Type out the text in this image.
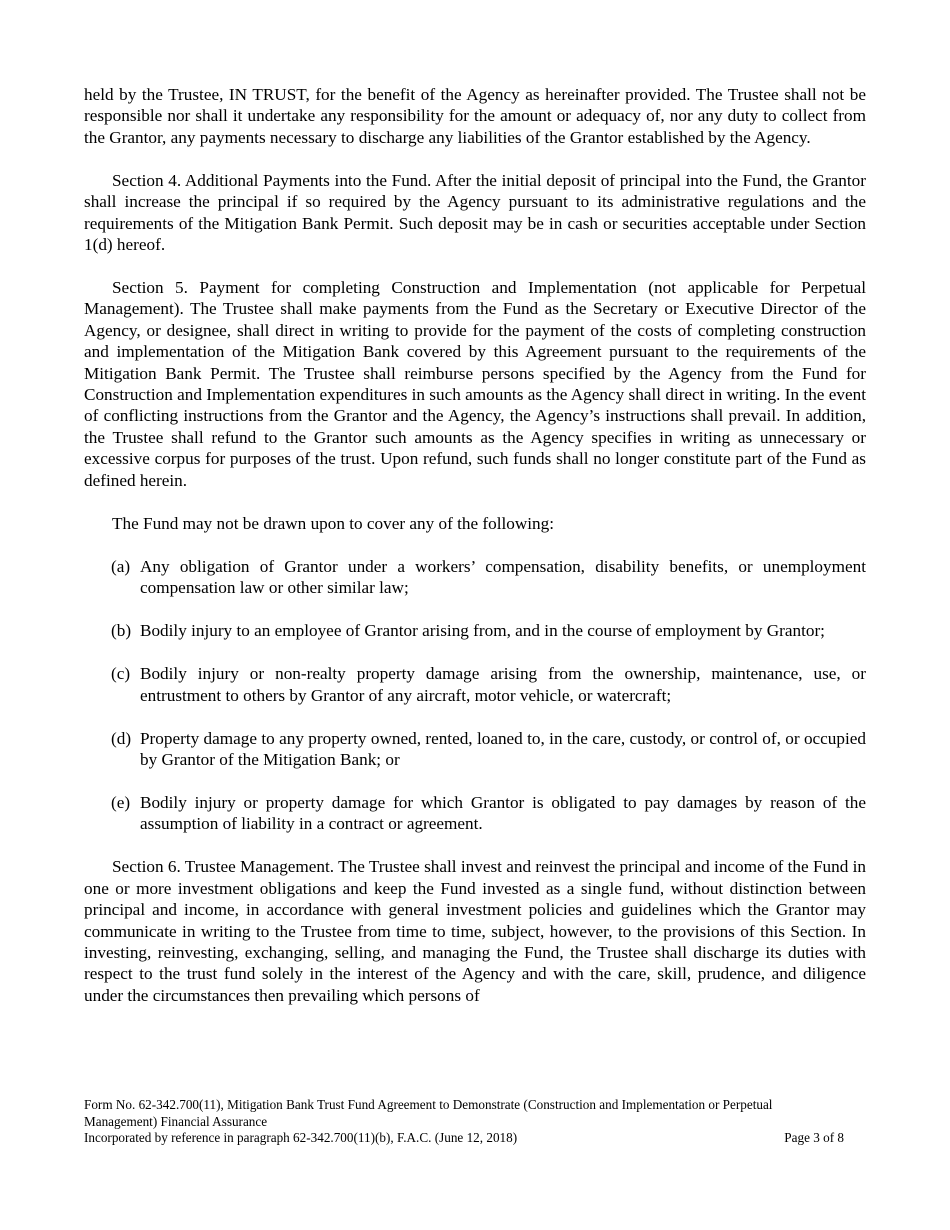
held by the Trustee, IN TRUST, for the benefit of the Agency as hereinafter provided. The Trustee shall not be responsible nor shall it undertake any responsibility for the amount or adequacy of, nor any duty to collect from the Grantor, any payments necessary to discharge any liabilities of the Grantor established by the Agency.

Section 4. Additional Payments into the Fund. After the initial deposit of principal into the Fund, the Grantor shall increase the principal if so required by the Agency pursuant to its administrative regulations and the requirements of the Mitigation Bank Permit. Such deposit may be in cash or securities acceptable under Section 1(d) hereof.

Section 5. Payment for completing Construction and Implementation (not applicable for Perpetual Management). The Trustee shall make payments from the Fund as the Secretary or Executive Director of the Agency, or designee, shall direct in writing to provide for the payment of the costs of completing construction and implementation of the Mitigation Bank covered by this Agreement pursuant to the requirements of the Mitigation Bank Permit. The Trustee shall reimburse persons specified by the Agency from the Fund for Construction and Implementation expenditures in such amounts as the Agency shall direct in writing. In the event of conflicting instructions from the Grantor and the Agency, the Agency’s instructions shall prevail. In addition, the Trustee shall refund to the Grantor such amounts as the Agency specifies in writing as unnecessary or excessive corpus for purposes of the trust. Upon refund, such funds shall no longer constitute part of the Fund as defined herein.

The Fund may not be drawn upon to cover any of the following:

(a) Any obligation of Grantor under a workers’ compensation, disability benefits, or unemployment compensation law or other similar law;
(b) Bodily injury to an employee of Grantor arising from, and in the course of employment by Grantor;
(c) Bodily injury or non-realty property damage arising from the ownership, maintenance, use, or entrustment to others by Grantor of any aircraft, motor vehicle, or watercraft;
(d) Property damage to any property owned, rented, loaned to, in the care, custody, or control of, or occupied by Grantor of the Mitigation Bank; or
(e) Bodily injury or property damage for which Grantor is obligated to pay damages by reason of the assumption of liability in a contract or agreement.

Section 6. Trustee Management. The Trustee shall invest and reinvest the principal and income of the Fund in one or more investment obligations and keep the Fund invested as a single fund, without distinction between principal and income, in accordance with general investment policies and guidelines which the Grantor may communicate in writing to the Trustee from time to time, subject, however, to the provisions of this Section. In investing, reinvesting, exchanging, selling, and managing the Fund, the Trustee shall discharge its duties with respect to the trust fund solely in the interest of the Agency and with the care, skill, prudence, and diligence under the circumstances then prevailing which persons of

Form No. 62-342.700(11), Mitigation Bank Trust Fund Agreement to Demonstrate (Construction and Implementation or Perpetual
Management) Financial Assurance
Incorporated by reference in paragraph 62-342.700(11)(b), F.A.C. (June 12, 2018)	Page 3 of 8
